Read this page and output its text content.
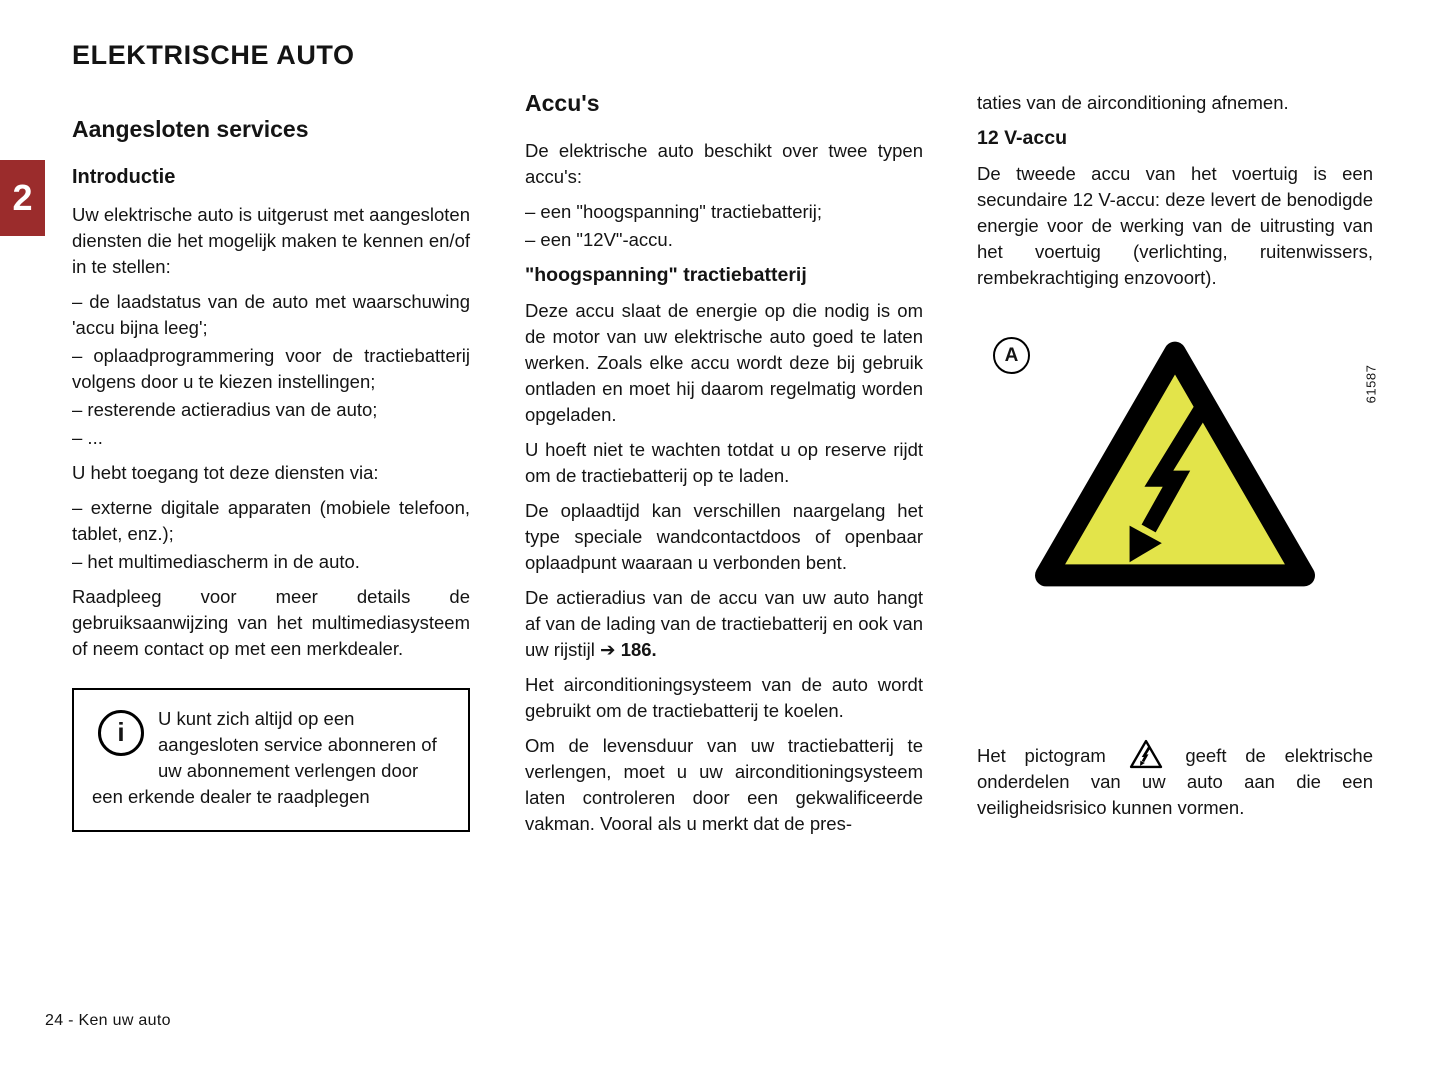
ELEKTRISCHE AUTO
2
Aangesloten services
Introductie

Uw elektrische auto is uitgerust met aangesloten diensten die het mogelijk maken te kennen en/of in te stellen:

– de laadstatus van de auto met waarschuwing 'accu bijna leeg';

– oplaadprogrammering voor de tractiebatterij volgens door u te kiezen instellingen;

– resterende actieradius van de auto;

– ...

U hebt toegang tot deze diensten via:

– externe digitale apparaten (mobiele telefoon, tablet, enz.);

– het multimediascherm in de auto.

Raadpleeg voor meer details de gebruiksaanwijzing van het multimediasysteem of neem contact op met een merkdealer.

i	U kunt zich altijd op een aangesloten service abonneren of uw abonnement verlengen door een erkende dealer te raadplegen

Accu's

De elektrische auto beschikt over twee typen accu's:

– een "hoogspanning" tractiebatterij;

– een "12V"-accu.

"hoogspanning" tractiebatterij

Deze accu slaat de energie op die nodig is om de motor van uw elektrische auto goed te laten werken. Zoals elke accu wordt deze bij gebruik ontladen en moet hij daarom regelmatig worden opgeladen.

U hoeft niet te wachten totdat u op reserve rijdt om de tractiebatterij op te laden.

De oplaadtijd kan verschillen naargelang het type speciale wandcontactdoos of openbaar oplaadpunt waaraan u verbonden bent.

De actieradius van de accu van uw auto hangt af van de lading van de tractiebatterij en ook van uw rijstijl ➔ 186.

Het airconditioningsysteem van de auto wordt gebruikt om de tractiebatterij te koelen.

Om de levensduur van uw tractiebatterij te verlengen, moet u uw airconditioningsysteem laten controleren door een gekwalificeerde vakman. Vooral als u merkt dat de pres-

taties van de airconditioning afnemen.

12 V-accu

De tweede accu van het voertuig is een secundaire 12 V-accu: deze levert de benodigde energie voor de werking van de uitrusting van het voertuig (verlichting, ruitenwissers, rembekrachtiging enzovoort).

A
61587

Het pictogram	geeft de elektrische onderdelen van uw auto aan die een veiligheidsrisico kunnen vormen.

24 - Ken uw auto
